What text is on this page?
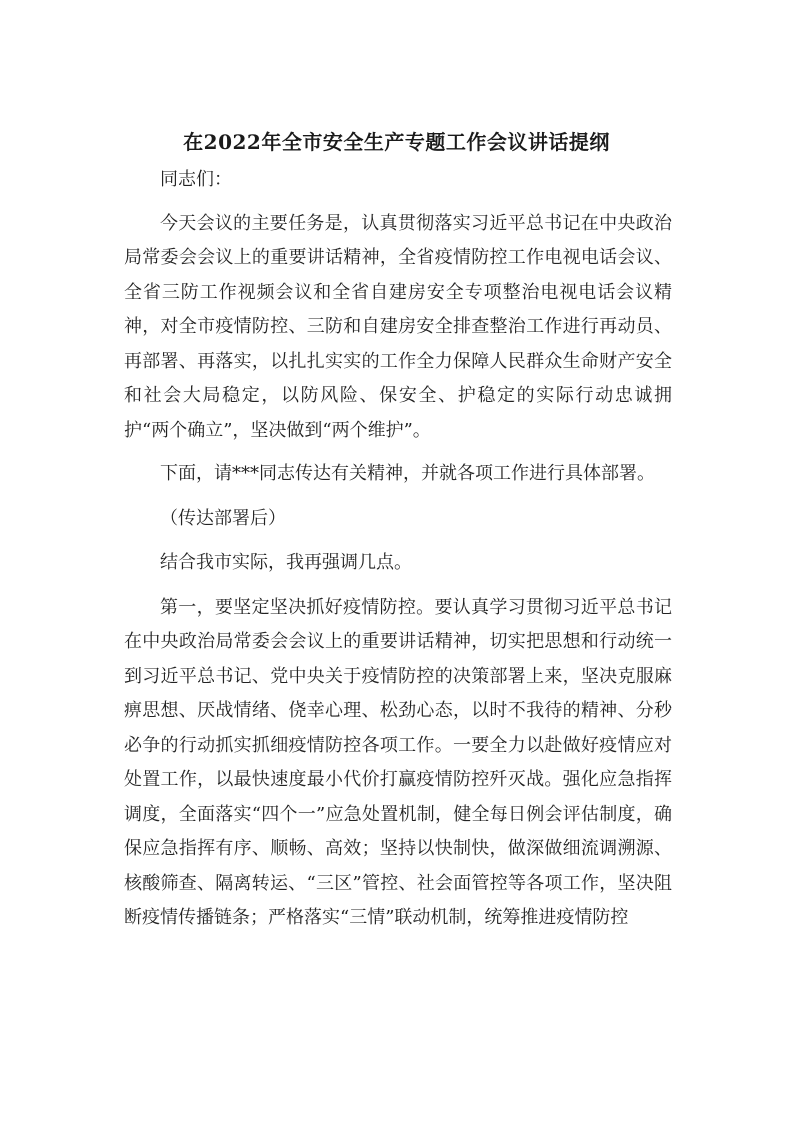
在2022年全市安全生产专题工作会议讲话提纲

同志们：

今天会议的主要任务是，认真贯彻落实习近平总书记在中央政治局常委会会议上的重要讲话精神，全省疫情防控工作电视电话会议、全省三防工作视频会议和全省自建房安全专项整治电视电话会议精神，对全市疫情防控、三防和自建房安全排查整治工作进行再动员、再部署、再落实，以扎扎实实的工作全力保障人民群众生命财产安全和社会大局稳定，以防风险、保安全、护稳定的实际行动忠诚拥护“两个确立”，坚决做到“两个维护”。

下面，请***同志传达有关精神，并就各项工作进行具体部署。

（传达部署后）

结合我市实际，我再强调几点。

第一，要坚定坚决抓好疫情防控。要认真学习贯彻习近平总书记在中央政治局常委会会议上的重要讲话精神，切实把思想和行动统一到习近平总书记、党中央关于疫情防控的决策部署上来，坚决克服麻痹思想、厌战情绪、侥幸心理、松劲心态，以时不我待的精神、分秒必争的行动抓实抓细疫情防控各项工作。一要全力以赴做好疫情应对处置工作，以最快速度最小代价打赢疫情防控歼灭战。强化应急指挥调度，全面落实“四个一”应急处置机制，健全每日例会评估制度，确保应急指挥有序、顺畅、高效；坚持以快制快，做深做细流调溯源、核酸筛查、隔离转运、“三区”管控、社会面管控等各项工作，坚决阻断疫情传播链条；严格落实“三情”联动机制，统筹推进疫情防控
